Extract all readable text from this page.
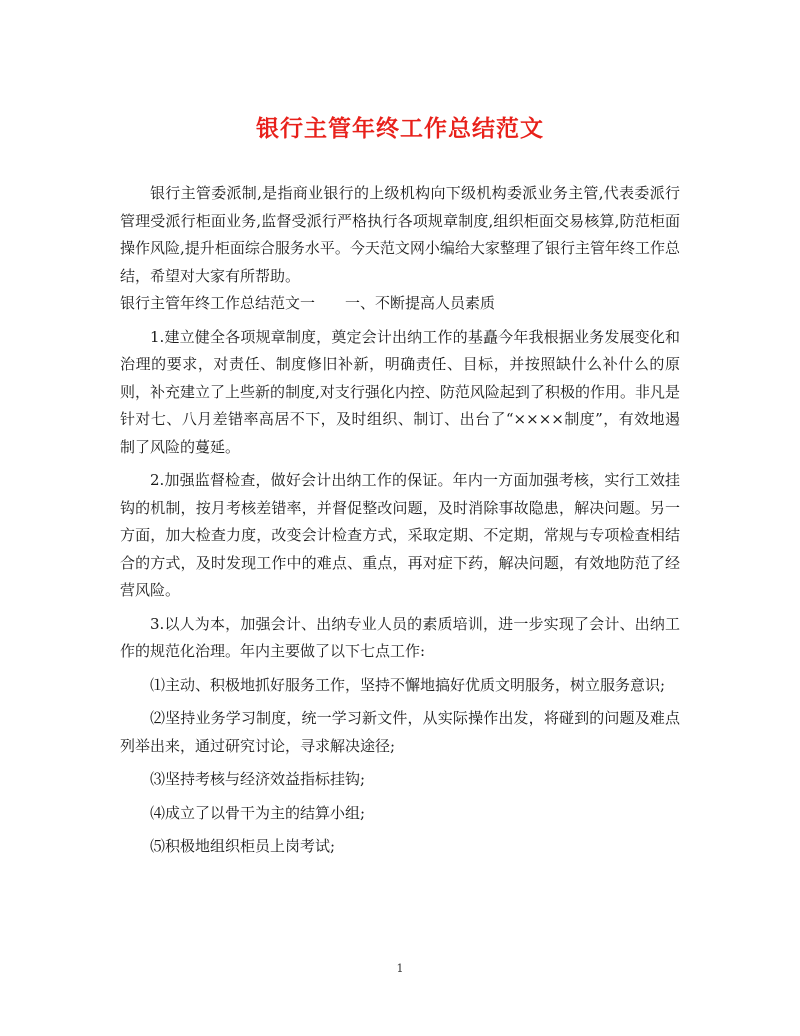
银行主管年终工作总结范文

银行主管委派制,是指商业银行的上级机构向下级机构委派业务主管,代表委派行管理受派行柜面业务,监督受派行严格执行各项规章制度,组织柜面交易核算,防范柜面操作风险,提升柜面综合服务水平。今天范文网小编给大家整理了银行主管年终工作总结，希望对大家有所帮助。

银行主管年终工作总结范文一　　一、不断提高人员素质

1.建立健全各项规章制度，奠定会计出纳工作的基矗今年我根据业务发展变化和治理的要求，对责任、制度修旧补新，明确责任、目标，并按照缺什么补什么的原则，补充建立了上些新的制度,对支行强化内控、防范风险起到了积极的作用。非凡是针对七、八月差错率高居不下，及时组织、制订、出台了“××××制度”，有效地遏制了风险的蔓延。

2.加强监督检查，做好会计出纳工作的保证。年内一方面加强考核，实行工效挂钩的机制，按月考核差错率，并督促整改问题，及时消除事故隐患，解决问题。另一方面，加大检查力度，改变会计检查方式，采取定期、不定期，常规与专项检查相结合的方式，及时发现工作中的难点、重点，再对症下药，解决问题，有效地防范了经营风险。

3.以人为本，加强会计、出纳专业人员的素质培训，进一步实现了会计、出纳工作的规范化治理。年内主要做了以下七点工作:

⑴主动、积极地抓好服务工作，坚持不懈地搞好优质文明服务，树立服务意识;

⑵坚持业务学习制度，统一学习新文件，从实际操作出发，将碰到的问题及难点列举出来，通过研究讨论，寻求解决途径;

⑶坚持考核与经济效益指标挂钩;

⑷成立了以骨干为主的结算小组;

⑸积极地组织柜员上岗考试;

1
